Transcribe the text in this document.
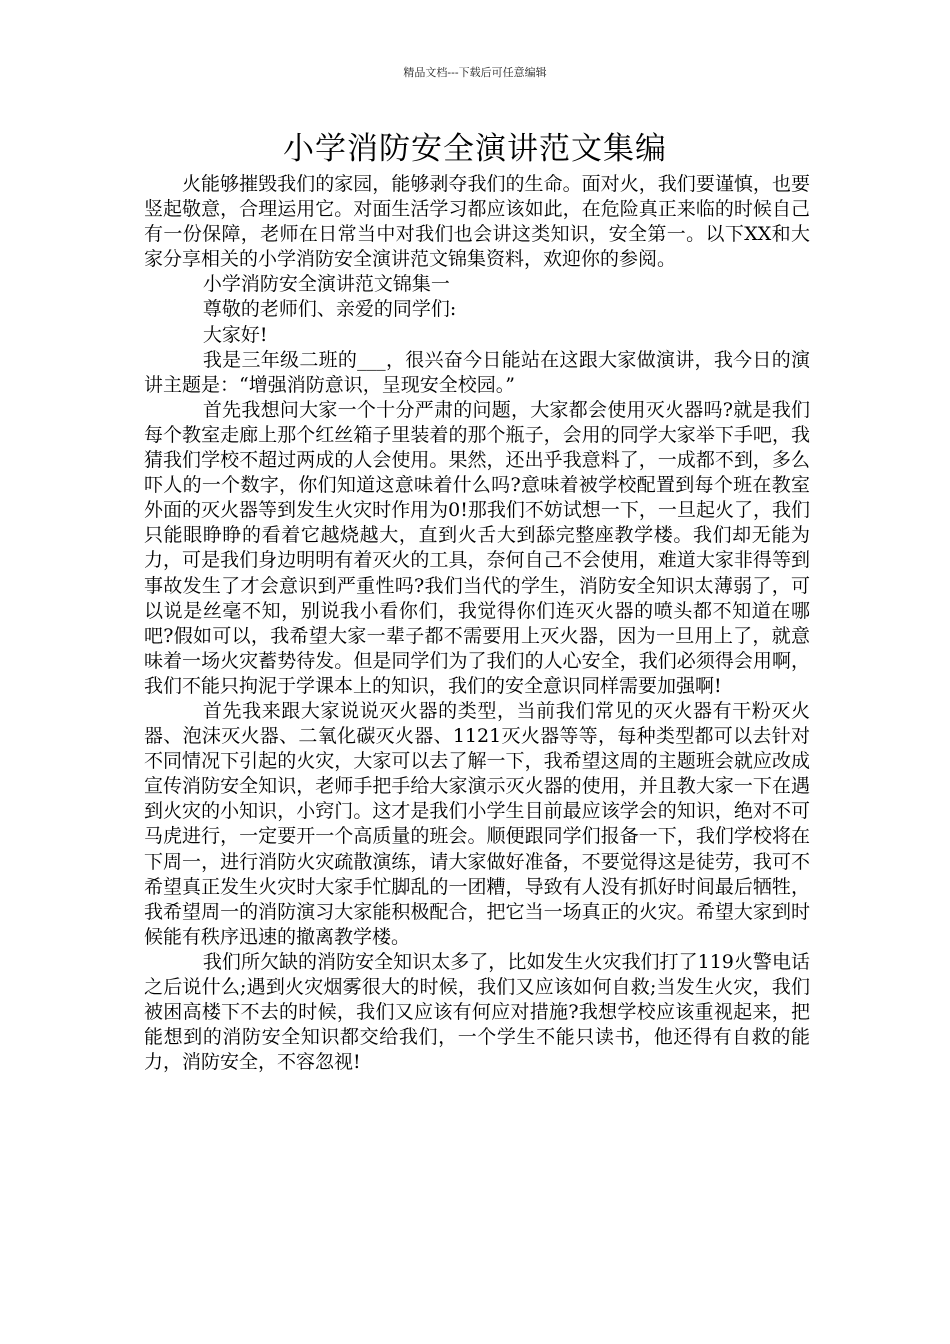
精品文档---下载后可任意编辑
小学消防安全演讲范文集编

火能够摧毁我们的家园，能够剥夺我们的生命。面对火，我们要谨慎，也要竖起敬意，合理运用它。对面生活学习都应该如此，在危险真正来临的时候自己有一份保障，老师在日常当中对我们也会讲这类知识，安全第一。以下XX和大家分享相关的小学消防安全演讲范文锦集资料，欢迎你的参阅。

小学消防安全演讲范文锦集一

尊敬的老师们、亲爱的同学们:

大家好!

我是三年级二班的___，很兴奋今日能站在这跟大家做演讲，我今日的演讲主题是：“增强消防意识，呈现安全校园。”

首先我想问大家一个十分严肃的问题，大家都会使用灭火器吗?就是我们每个教室走廊上那个红丝箱子里装着的那个瓶子，会用的同学大家举下手吧，我猜我们学校不超过两成的人会使用。果然，还出乎我意料了，一成都不到，多么吓人的一个数字，你们知道这意味着什么吗?意味着被学校配置到每个班在教室外面的灭火器等到发生火灾时作用为0!那我们不妨试想一下，一旦起火了，我们只能眼睁睁的看着它越烧越大，直到火舌大到舔完整座教学楼。我们却无能为力，可是我们身边明明有着灭火的工具，奈何自己不会使用，难道大家非得等到事故发生了才会意识到严重性吗?我们当代的学生，消防安全知识太薄弱了，可以说是丝毫不知，别说我小看你们，我觉得你们连灭火器的喷头都不知道在哪吧?假如可以，我希望大家一辈子都不需要用上灭火器，因为一旦用上了，就意味着一场火灾蓄势待发。但是同学们为了我们的人心安全，我们必须得会用啊，我们不能只拘泥于学课本上的知识，我们的安全意识同样需要加强啊!

首先我来跟大家说说灭火器的类型，当前我们常见的灭火器有干粉灭火器、泡沫灭火器、二氧化碳灭火器、1121灭火器等等，每种类型都可以去针对不同情况下引起的火灾，大家可以去了解一下，我希望这周的主题班会就应改成宣传消防安全知识，老师手把手给大家演示灭火器的使用，并且教大家一下在遇到火灾的小知识，小窍门。这才是我们小学生目前最应该学会的知识，绝对不可马虎进行，一定要开一个高质量的班会。顺便跟同学们报备一下，我们学校将在下周一，进行消防火灾疏散演练，请大家做好准备，不要觉得这是徒劳，我可不希望真正发生火灾时大家手忙脚乱的一团糟，导致有人没有抓好时间最后牺牲，我希望周一的消防演习大家能积极配合，把它当一场真正的火灾。希望大家到时候能有秩序迅速的撤离教学楼。

我们所欠缺的消防安全知识太多了，比如发生火灾我们打了119火警电话之后说什么;遇到火灾烟雾很大的时候，我们又应该如何自救;当发生火灾，我们被困高楼下不去的时候，我们又应该有何应对措施?我想学校应该重视起来，把能想到的消防安全知识都交给我们，一个学生不能只读书，他还得有自救的能力，消防安全，不容忽视!
